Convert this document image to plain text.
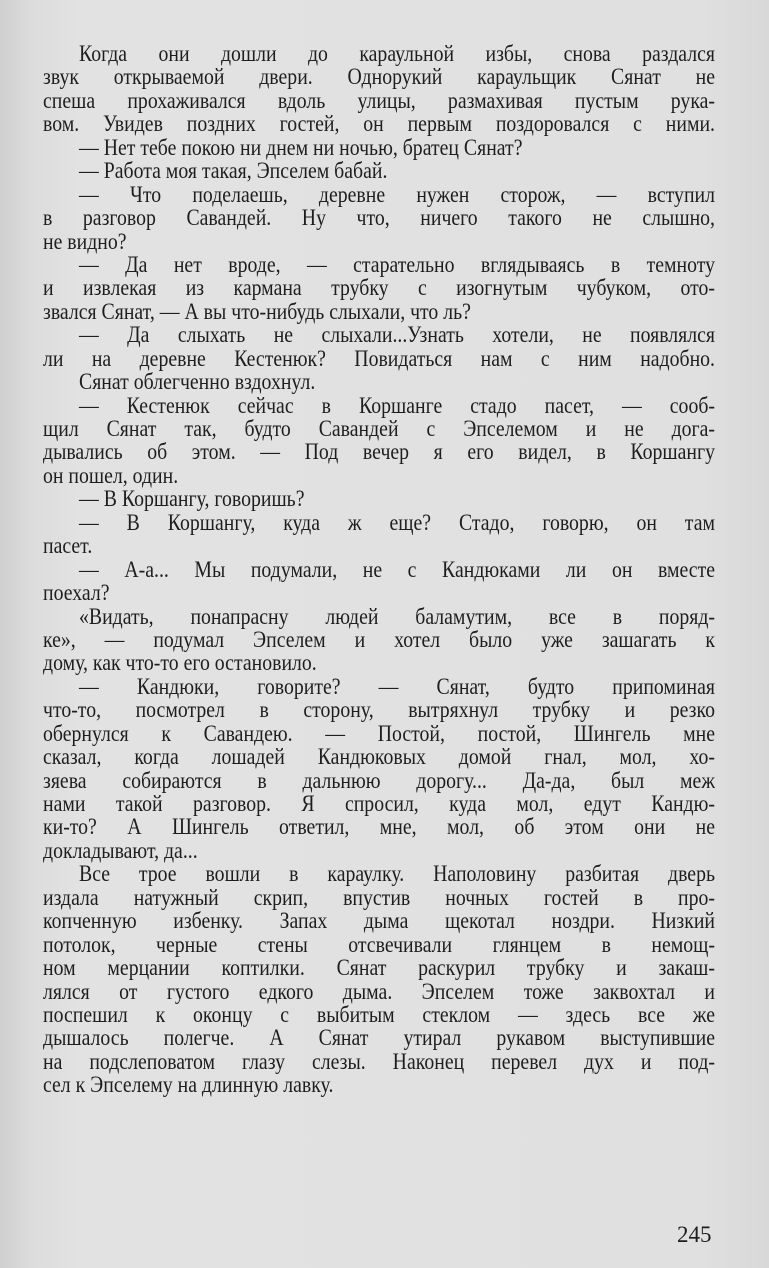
Когда они дошли до караульной избы, снова раздался
звук открываемой двери. Однорукий караульщик Сянат не
спеша прохаживался вдоль улицы, размахивая пустым рука-
вом. Увидев поздних гостей, он первым поздоровался с ними.
— Нет тебе покою ни днем ни ночью, братец Сянат?
— Работа моя такая, Эпселем бабай.
— Что поделаешь, деревне нужен сторож, — вступил
в разговор Савандей. Ну что, ничего такого не слышно,
не видно?
— Да нет вроде, — старательно вглядываясь в темноту
и извлекая из кармана трубку с изогнутым чубуком, ото-
звался Сянат, — А вы что-нибудь слыхали, что ль?
— Да слыхать не слыхали...Узнать хотели, не появлялся
ли на деревне Кестенюк? Повидаться нам с ним надобно.
Сянат облегченно вздохнул.
— Кестенюк сейчас в Коршанге стадо пасет, — сооб-
щил Сянат так, будто Савандей с Эпселемом и не дога-
дывались об этом. — Под вечер я его видел, в Коршангу
он пошел, один.
— В Коршангу, говоришь?
— В Коршангу, куда ж еще? Стадо, говорю, он там
пасет.
— А-а... Мы подумали, не с Кандюками ли он вместе
поехал?
«Видать, понапрасну людей баламутим, все в поряд-
ке», — подумал Эпселем и хотел было уже зашагать к
дому, как что-то его остановило.
— Кандюки, говорите? — Сянат, будто припоминая
что-то, посмотрел в сторону, вытряхнул трубку и резко
обернулся к Савандею. — Постой, постой, Шингель мне
сказал, когда лошадей Кандюковых домой гнал, мол, хо-
зяева собираются в дальнюю дорогу... Да-да, был меж
нами такой разговор. Я спросил, куда мол, едут Кандю-
ки-то? А Шингель ответил, мне, мол, об этом они не
докладывают, да...
Все трое вошли в караулку. Наполовину разбитая дверь
издала натужный скрип, впустив ночных гостей в про-
копченную избенку. Запах дыма щекотал ноздри. Низкий
потолок, черные стены отсвечивали глянцем в немощ-
ном мерцании коптилки. Сянат раскурил трубку и закаш-
лялся от густого едкого дыма. Эпселем тоже заквохтал и
поспешил к оконцу с выбитым стеклом — здесь все же
дышалось полегче. А Сянат утирал рукавом выступившие
на подслеповатом глазу слезы. Наконец перевел дух и под-
сел к Эпселему на длинную лавку.
245
